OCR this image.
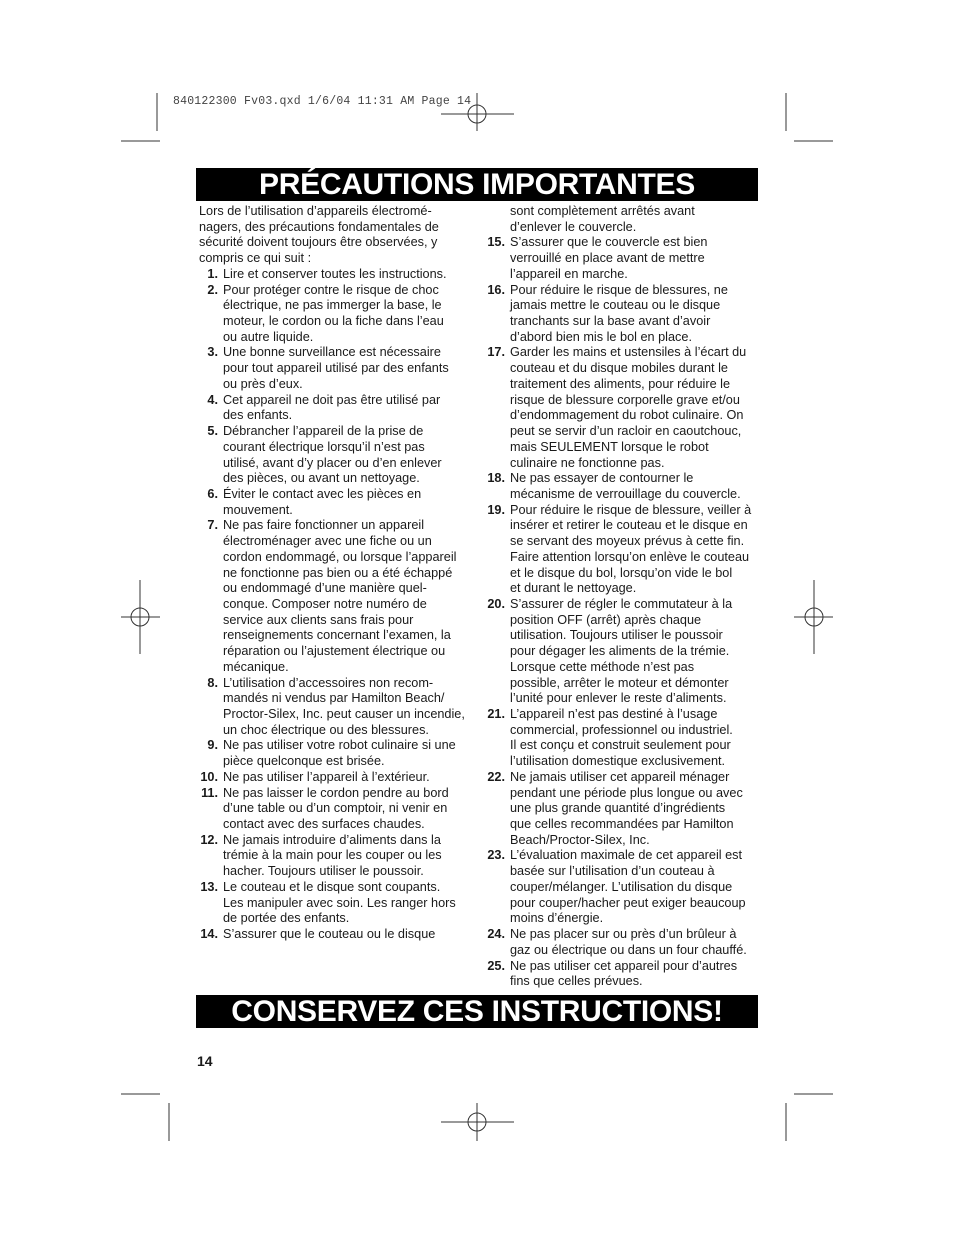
840122300 Fv03.qxd 1/6/04 11:31 AM Page 14
PRÉCAUTIONS IMPORTANTES

Lors de l’utilisation d’appareils électromé-
nagers, des précautions fondamentales de
sécurité doivent toujours être observées, y
compris ce qui suit :

1. Lire et conserver toutes les instructions.

2. Pour protéger contre le risque de choc
électrique, ne pas immerger la base, le
moteur, le cordon ou la fiche dans l’eau
ou autre liquide.

3. Une bonne surveillance est nécessaire
pour tout appareil utilisé par des enfants
ou près d’eux.

4. Cet appareil ne doit pas être utilisé par
des enfants.

5. Débrancher l’appareil de la prise de
courant électrique lorsqu’il n’est pas
utilisé, avant d’y placer ou d’en enlever
des pièces, ou avant un nettoyage.

6. Éviter le contact avec les pièces en
mouvement.

7. Ne pas faire fonctionner un appareil
électroménager avec une fiche ou un
cordon endommagé, ou lorsque l’appareil
ne fonctionne pas bien ou a été échappé
ou endommagé d’une manière quel-
conque. Composer notre numéro de
service aux clients sans frais pour
renseignements concernant l’examen, la
réparation ou l’ajustement électrique ou
mécanique.

8. L’utilisation d’accessoires non recom-
mandés ni vendus par Hamilton Beach/
Proctor-Silex, Inc. peut causer un incendie,
un choc électrique ou des blessures.

9. Ne pas utiliser votre robot culinaire si une
pièce quelconque est brisée.

10. Ne pas utiliser l’appareil à l’extérieur.

11. Ne pas laisser le cordon pendre au bord
d’une table ou d’un comptoir, ni venir en
contact avec des surfaces chaudes.

12. Ne jamais introduire d’aliments dans la
trémie à la main pour les couper ou les
hacher. Toujours utiliser le poussoir.

13. Le couteau et le disque sont coupants.
Les manipuler avec soin. Les ranger hors
de portée des enfants.

14. S’assurer que le couteau ou le disque

sont complètement arrêtés avant
d’enlever le couvercle.

15. S’assurer que le couvercle est bien
verrouillé en place avant de mettre
l’appareil en marche.

16. Pour réduire le risque de blessures, ne
jamais mettre le couteau ou le disque
tranchants sur la base avant d’avoir
d’abord bien mis le bol en place.

17. Garder les mains et ustensiles à l’écart du
couteau et du disque mobiles durant le
traitement des aliments, pour réduire le
risque de blessure corporelle grave et/ou
d’endommagement du robot culinaire. On
peut se servir d’un racloir en caoutchouc,
mais SEULEMENT lorsque le robot
culinaire ne fonctionne pas.

18. Ne pas essayer de contourner le
mécanisme de verrouillage du couvercle.

19. Pour réduire le risque de blessure, veiller à
insérer et retirer le couteau et le disque en
se servant des moyeux prévus à cette fin.
Faire attention lorsqu’on enlève le couteau
et le disque du bol, lorsqu’on vide le bol
et durant le nettoyage.

20. S’assurer de régler le commutateur à la
position OFF (arrêt) après chaque
utilisation. Toujours utiliser le poussoir
pour dégager les aliments de la trémie.
Lorsque cette méthode n’est pas
possible, arrêter le moteur et démonter
l’unité pour enlever le reste d’aliments.

21. L’appareil n’est pas destiné à l’usage
commercial, professionnel ou industriel.
Il est conçu et construit seulement pour
l’utilisation domestique exclusivement.

22. Ne jamais utiliser cet appareil ménager
pendant une période plus longue ou avec
une plus grande quantité d’ingrédients
que celles recommandées par Hamilton
Beach/Proctor-Silex, Inc.

23. L’évaluation maximale de cet appareil est
basée sur l’utilisation d’un couteau à
couper/mélanger. L’utilisation du disque
pour couper/hacher peut exiger beaucoup
moins d’énergie.

24. Ne pas placer sur ou près d’un brûleur à
gaz ou électrique ou dans un four chauffé.

25. Ne pas utiliser cet appareil pour d’autres
fins que celles prévues.

CONSERVEZ CES INSTRUCTIONS!
14
